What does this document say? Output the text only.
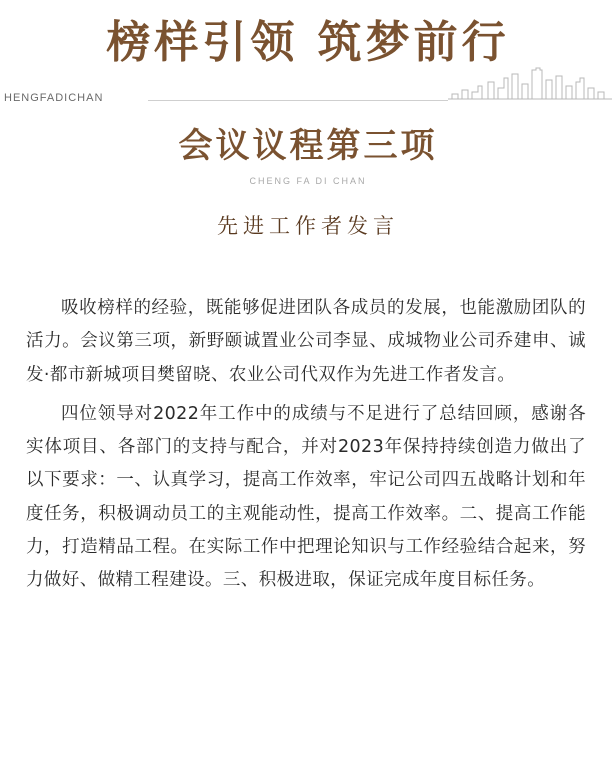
榜样引领 筑梦前行
HENGFADICHAN
会议议程第三项
CHENG FA DI CHAN
先进工作者发言

吸收榜样的经验，既能够促进团队各成员的发展，也能激励团队的活力。会议第三项，新野颐诚置业公司李显、成城物业公司乔建申、诚发·都市新城项目樊留晓、农业公司代双作为先进工作者发言。

四位领导对2022年工作中的成绩与不足进行了总结回顾，感谢各实体项目、各部门的支持与配合，并对2023年保持持续创造力做出了以下要求：一、认真学习，提高工作效率，牢记公司四五战略计划和年度任务，积极调动员工的主观能动性，提高工作效率。二、提高工作能力，打造精品工程。在实际工作中把理论知识与工作经验结合起来，努力做好、做精工程建设。三、积极进取，保证完成年度目标任务。
